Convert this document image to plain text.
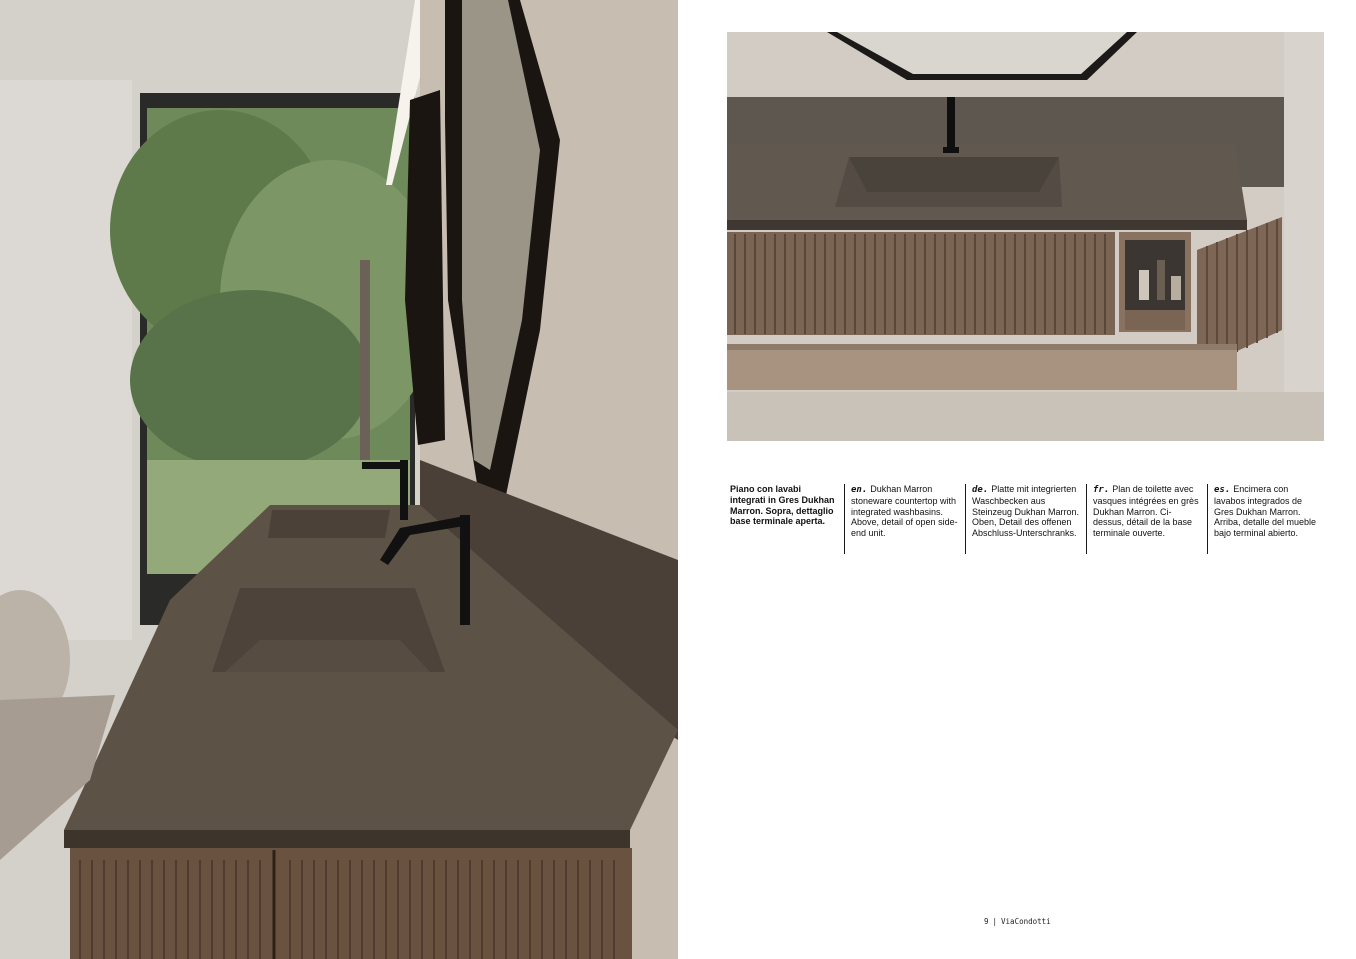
Piano con lavabi integrati in Gres Dukhan Marron. Sopra, dettaglio base terminale aperta.
en. Dukhan Marron stoneware countertop with integrated washbasins. Above, detail of open side-end unit.
de. Platte mit integrierten Waschbecken aus Steinzeug Dukhan Marron. Oben, Detail des offenen Abschluss-Unterschranks.
fr. Plan de toilette avec vasques intégrées en grès Dukhan Marron. Ci-dessus, détail de la base terminale ouverte.
es. Encimera con lavabos integrados de Gres Dukhan Marron. Arriba, detalle del mueble bajo terminal abierto.
9 | ViaCondotti
